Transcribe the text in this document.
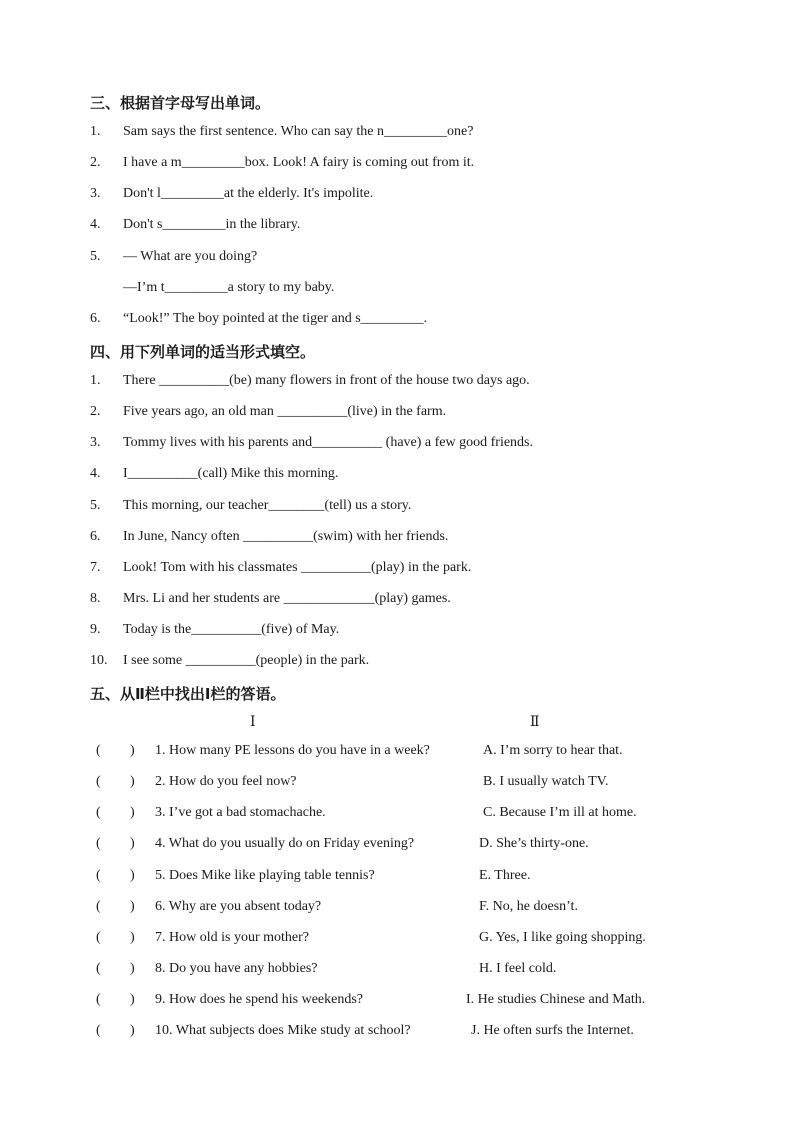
三、根据首字母写出单词。
1. Sam says the first sentence. Who can say the n_________one?
2. I have a m_________box. Look! A fairy is coming out from it.
3. Don't l_________at the elderly. It's impolite.
4. Don't s_________in the library.
5. — What are you doing?
—I’m t_________a story to my baby.
6. “Look!” The boy pointed at the tiger and s_________.
四、用下列单词的适当形式填空。
1. There __________(be) many flowers in front of the house two days ago.
2. Five years ago, an old man __________(live) in the farm.
3. Tommy lives with his parents and__________ (have) a few good friends.
4. I__________(call) Mike this morning.
5. This morning, our teacher________(tell) us a story.
6. In June, Nancy often __________(swim) with her friends.
7. Look! Tom with his classmates __________(play) in the park.
8. Mrs. Li and her students are _____________(play) games.
9. Today is the__________(five) of May.
10. I see some __________(people) in the park.
五、从Ⅱ栏中找出Ⅰ栏的答语。
Ⅰ	Ⅱ
( ) 1. How many PE lessons do you have in a week?	A. I’m sorry to hear that.
( ) 2. How do you feel now?	B. I usually watch TV.
( ) 3. I’ve got a bad stomachache.	C. Because I’m ill at home.
( ) 4. What do you usually do on Friday evening?	D. She’s thirty-one.
( ) 5. Does Mike like playing table tennis?	E. Three.
( ) 6. Why are you absent today?	F. No, he doesn’t.
( ) 7. How old is your mother?	G. Yes, I like going shopping.
( ) 8. Do you have any hobbies?	H. I feel cold.
( ) 9. How does he spend his weekends?	I. He studies Chinese and Math.
( ) 10. What subjects does Mike study at school?	J. He often surfs the Internet.
